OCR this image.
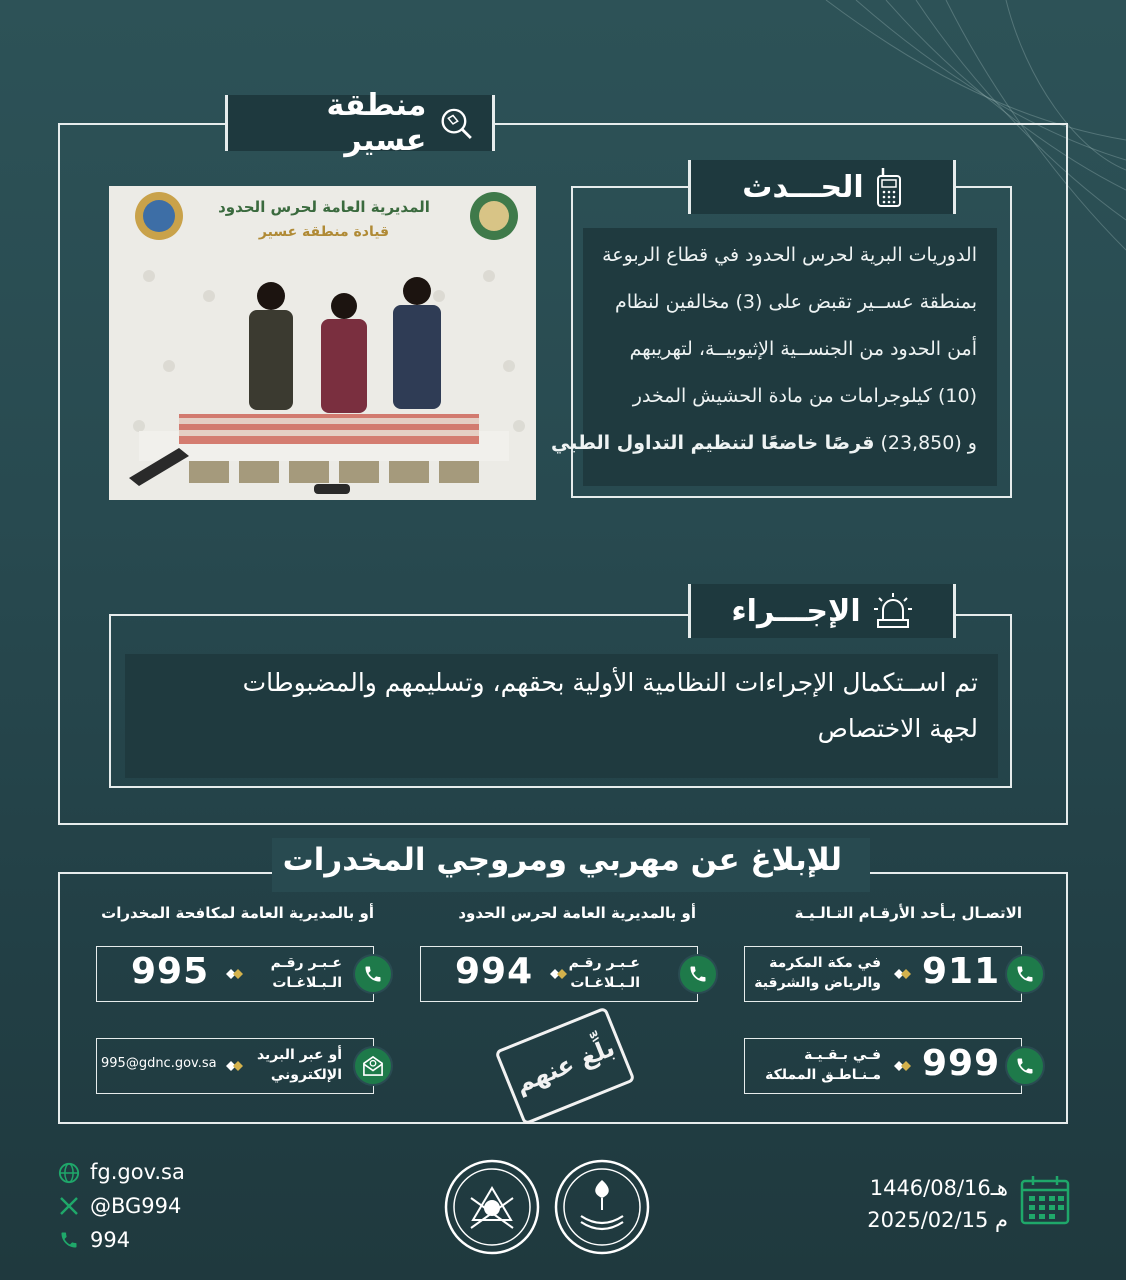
منطقة عسير
المديرية العامة لحرس الحدود
قيادة منطقة عسير
الدوريات البرية لحرس الحدود في قطاع الربوعة
بمنطقة عســير تقبض على (3) مخالفين لنظام
أمن الحدود من الجنســية الإثيوبيــة، لتهريبهم
(10) كيلوجرامات من مادة الحشيش المخدر
و (23,850) قرصًا خاضعًا لتنظيم التداول الطبي
الحـــدث
تم اســتكمال الإجراءات النظامية الأولية بحقهم، وتسليمهم والمضبوطات
لجهة الاختصاص
الإجـــراء
للإبلاغ عن مهربي ومروجي المخدرات
الاتصـال بـأحد الأرقـام التـالـيـة
أو بالمديرية العامة لحرس الحدود
أو بالمديرية العامة لمكافحة المخدرات
911
في مكة المكرمة
والرياض والشرقية
999
فـي بـقـيـة
مـنـاطـق المملكة
994	عـبـر رقـم
الـبـلاغـات
995	عـبـر رقـم
الـبـلاغـات
995@gdnc.gov.sa
أو عبر البريد
الإلكتروني	بلِّغ عنهم
fg.gov.sa
@BG994
994
1446/08/16هـ
2025/02/15 م
